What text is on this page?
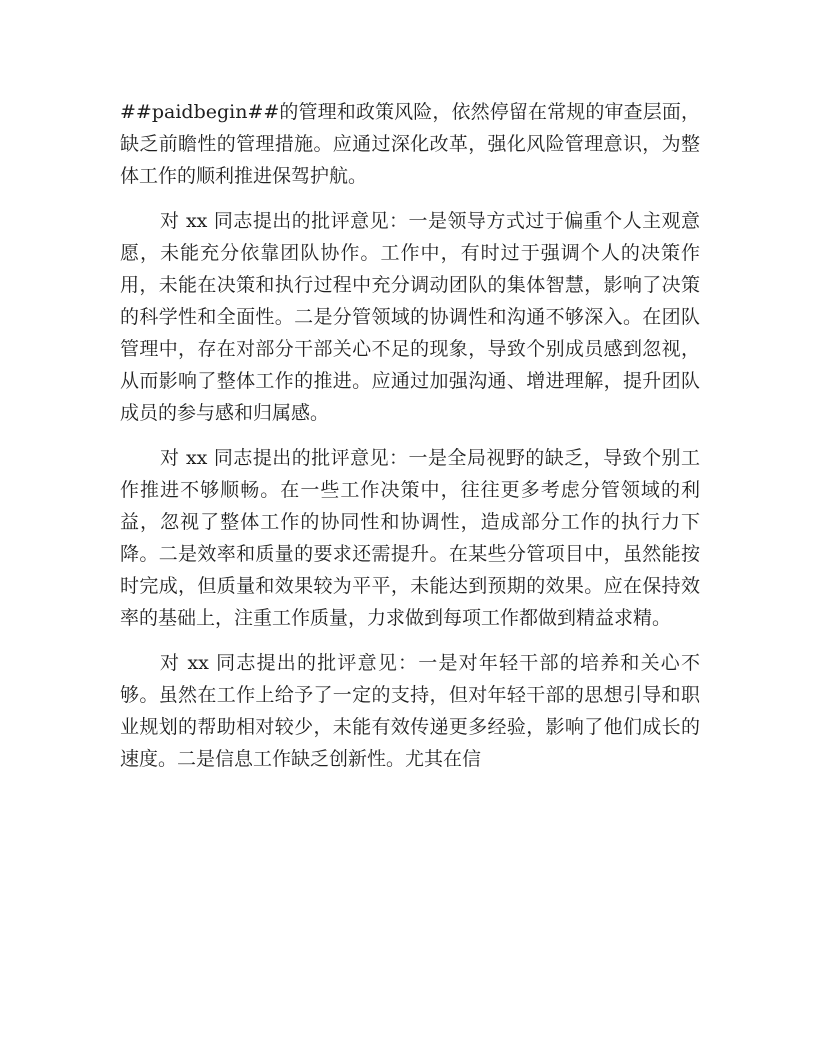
##paidbegin##的管理和政策风险，依然停留在常规的审查层面，缺乏前瞻性的管理措施。应通过深化改革，强化风险管理意识，为整体工作的顺利推进保驾护航。

对 xx 同志提出的批评意见：一是领导方式过于偏重个人主观意愿，未能充分依靠团队协作。工作中，有时过于强调个人的决策作用，未能在决策和执行过程中充分调动团队的集体智慧，影响了决策的科学性和全面性。二是分管领域的协调性和沟通不够深入。在团队管理中，存在对部分干部关心不足的现象，导致个别成员感到忽视，从而影响了整体工作的推进。应通过加强沟通、增进理解，提升团队成员的参与感和归属感。

对 xx 同志提出的批评意见：一是全局视野的缺乏，导致个别工作推进不够顺畅。在一些工作决策中，往往更多考虑分管领域的利益，忽视了整体工作的协同性和协调性，造成部分工作的执行力下降。二是效率和质量的要求还需提升。在某些分管项目中，虽然能按时完成，但质量和效果较为平平，未能达到预期的效果。应在保持效率的基础上，注重工作质量，力求做到每项工作都做到精益求精。

对 xx 同志提出的批评意见：一是对年轻干部的培养和关心不够。虽然在工作上给予了一定的支持，但对年轻干部的思想引导和职业规划的帮助相对较少，未能有效传递更多经验，影响了他们成长的速度。二是信息工作缺乏创新性。尤其在信
